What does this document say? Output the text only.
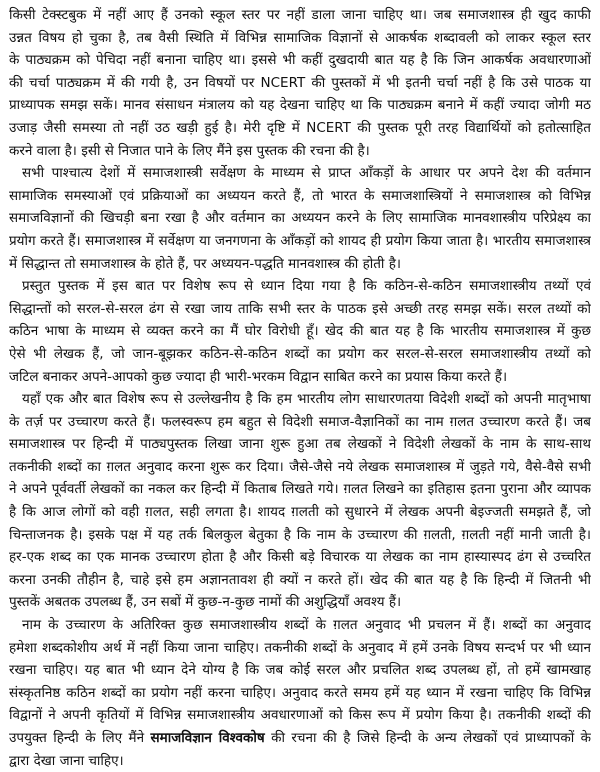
किसी टेक्स्टबुक में नहीं आए हैं उनको स्कूल स्तर पर नहीं डाला जाना चाहिए था। जब समाजशास्त्र ही खुद काफी
उन्नत विषय हो चुका है, तब वैसी स्थिति में विभिन्न सामाजिक विज्ञानों से आकर्षक शब्दावली को लाकर स्कूल स्तर
के पाठ्यक्रम को पेचिदा नहीं बनाना चाहिए था। इससे भी कहीं दुखदायी बात यह है कि जिन आकर्षक अवधारणाओं
की चर्चा पाठ्यक्रम में की गयी है, उन विषयों पर NCERT की पुस्तकों में भी इतनी चर्चा नहीं है कि उसे पाठक या
प्राध्यापक समझ सकें। मानव संसाधन मंत्रालय को यह देखना चाहिए था कि पाठ्यक्रम बनाने में कहीं ज्यादा जोगी मठ
उजाड़ जैसी समस्या तो नहीं उठ खड़ी हुई है। मेरी दृष्टि में NCERT की पुस्तक पूरी तरह विद्यार्थियों को हतोत्साहित
करने वाला है। इसी से निजात पाने के लिए मैंने इस पुस्तक की रचना की है।
सभी पाश्चात्य देशों में समाजशास्त्री सर्वेक्षण के माध्यम से प्राप्त आँकड़ों के आधार पर अपने देश की वर्तमान
सामाजिक समस्याओं एवं प्रक्रियाओं का अध्ययन करते हैं, तो भारत के समाजशास्त्रियों ने समाजशास्त्र को विभिन्न
समाजविज्ञानों की खिचड़ी बना रखा है और वर्तमान का अध्ययन करने के लिए सामाजिक मानवशास्त्रीय परिप्रेक्ष्य का
प्रयोग करते हैं। समाजशास्त्र में सर्वेक्षण या जनगणना के आँकड़ों को शायद ही प्रयोग किया जाता है। भारतीय समाजशास्त्र
में सिद्धान्त तो समाजशास्त्र के होते हैं, पर अध्ययन-पद्धति मानवशास्त्र की होती है।
प्रस्तुत पुस्तक में इस बात पर विशेष रूप से ध्यान दिया गया है कि कठिन-से-कठिन समाजशास्त्रीय तथ्यों एवं
सिद्धान्तों को सरल-से-सरल ढंग से रखा जाय ताकि सभी स्तर के पाठक इसे अच्छी तरह समझ सकें। सरल तथ्यों को
कठिन भाषा के माध्यम से व्यक्त करने का मैं घोर विरोधी हूँ। खेद की बात यह है कि भारतीय समाजशास्त्र में कुछ
ऐसे भी लेखक हैं, जो जान-बूझकर कठिन-से-कठिन शब्दों का प्रयोग कर सरल-से-सरल समाजशास्त्रीय तथ्यों को
जटिल बनाकर अपने-आपको कुछ ज्यादा ही भारी-भरकम विद्वान साबित करने का प्रयास किया करते हैं।
यहाँ एक और बात विशेष रूप से उल्लेखनीय है कि हम भारतीय लोग साधारणतया विदेशी शब्दों को अपनी मातृभाषा
के तर्ज़ पर उच्चारण करते हैं। फलस्वरूप हम बहुत से विदेशी समाज-वैज्ञानिकों का नाम ग़लत उच्चारण करते हैं। जब
समाजशास्त्र पर हिन्दी में पाठ्यपुस्तक लिखा जाना शुरू हुआ तब लेखकों ने विदेशी लेखकों के नाम के साथ-साथ
तकनीकी शब्दों का ग़लत अनुवाद करना शुरू कर दिया। जैसे-जैसे नये लेखक समाजशास्त्र में जुड़ते गये, वैसे-वैसे सभी
ने अपने पूर्ववर्ती लेखकों का नकल कर हिन्दी में किताब लिखते गये। ग़लत लिखने का इतिहास इतना पुराना और व्यापक
है कि आज लोगों को वही ग़लत, सही लगता है। शायद ग़लती को सुधारने में लेखक अपनी बेइज्जती समझते हैं, जो
चिन्ताजनक है। इसके पक्ष में यह तर्क बिलकुल बेतुका है कि नाम के उच्चारण की ग़लती, ग़लती नहीं मानी जाती है।
हर-एक शब्द का एक मानक उच्चारण होता है और किसी बड़े विचारक या लेखक का नाम हास्यास्पद ढंग से उच्चरित
करना उनकी तौहीन है, चाहे इसे हम अज्ञानतावश ही क्यों न करते हों। खेद की बात यह है कि हिन्दी में जितनी भी
पुस्तकें अबतक उपलब्ध हैं, उन सबों में कुछ-न-कुछ नामों की अशुद्धियाँ अवश्य हैं।
नाम के उच्चारण के अतिरिक्त कुछ समाजशास्त्रीय शब्दों के ग़लत अनुवाद भी प्रचलन में हैं। शब्दों का अनुवाद
हमेशा शब्दकोशीय अर्थ में नहीं किया जाना चाहिए। तकनीकी शब्दों के अनुवाद में हमें उनके विषय सन्दर्भ पर भी ध्यान
रखना चाहिए। यह बात भी ध्यान देने योग्य है कि जब कोई सरल और प्रचलित शब्द उपलब्ध हों, तो हमें खामखाह
संस्कृतनिष्ठ कठिन शब्दों का प्रयोग नहीं करना चाहिए। अनुवाद करते समय हमें यह ध्यान में रखना चाहिए कि विभिन्न
विद्वानों ने अपनी कृतियों में विभिन्न समाजशास्त्रीय अवधारणाओं को किस रूप में प्रयोग किया है। तकनीकी शब्दों की
उपयुक्त हिन्दी के लिए मैंने समाजविज्ञान विश्वकोष की रचना की है जिसे हिन्दी के अन्य लेखकों एवं प्राध्यापकों के
द्वारा देखा जाना चाहिए।
